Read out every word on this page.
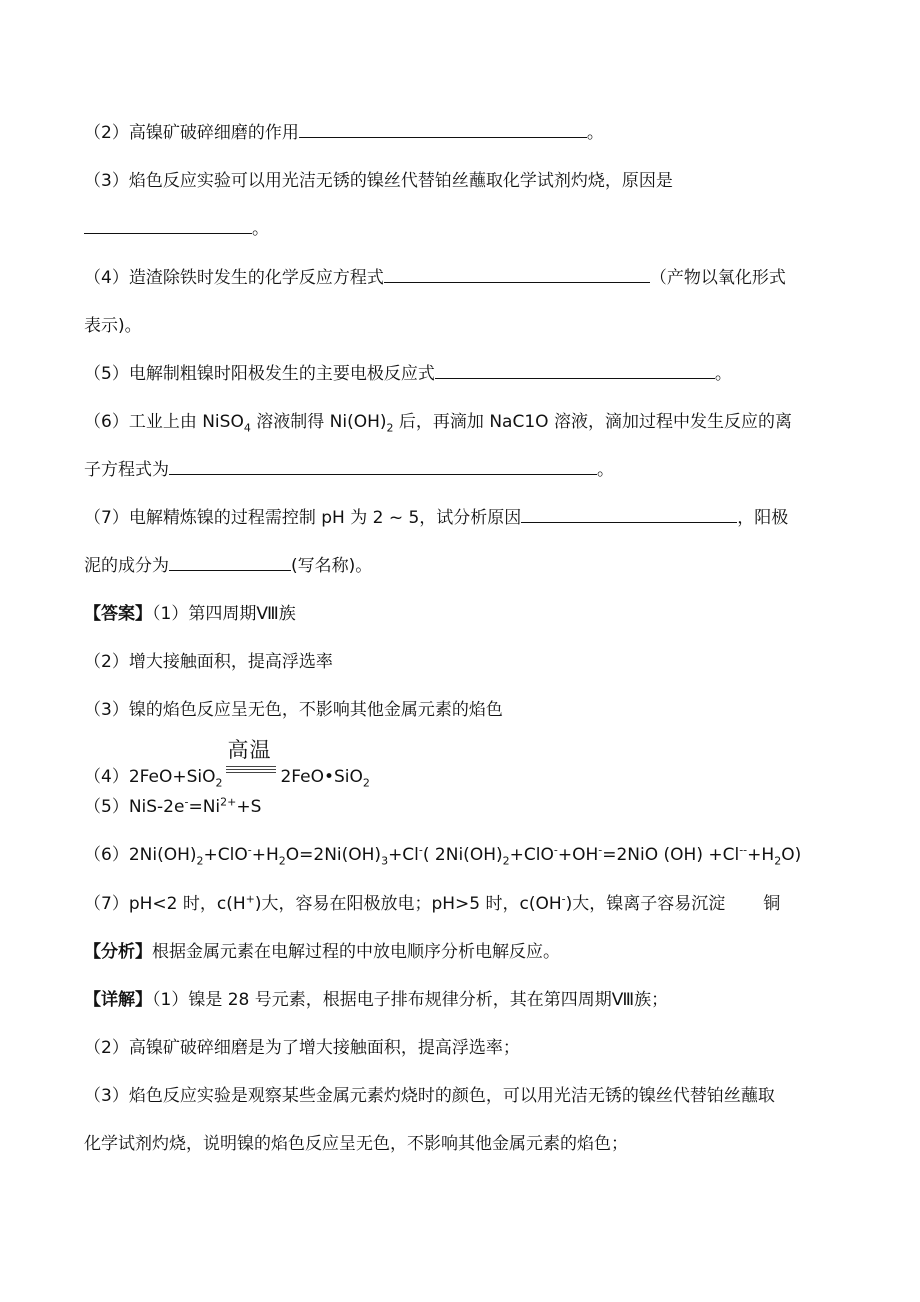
（2）高镍矿破碎细磨的作用	。
（3）焰色反应实验可以用光洁无锈的镍丝代替铂丝蘸取化学试剂灼烧，原因是
。
（4）造渣除铁时发生的化学反应方程式	（产物以氧化形式
表示)。
（5）电解制粗镍时阳极发生的主要电极反应式	。
（6）工业上由 NiSO$_4$ 溶液制得 $Ni(OH)_2$ 后，再滴加 NaC1O 溶液，滴加过程中发生反应的离
子方程式为	。
（7）电解精炼镍的过程需控制 pH 为 2 ~ 5，试分析原因	，阳极
泥的成分为	(写名称)。
【答案】（1）第四周期Ⅷ族
（2）增大接触面积，提高浮选率
（3）镍的焰色反应呈无色，不影响其他金属元素的焰色
（4）2FeO+SiO$_2$
高温
2FeO•SiO$_2$
$(5)NiS-2e^-=Ni^{2+}+S$
$(6)2Ni(OH)_2+ClO^-+H_2O=2Ni(OH)_3+Cl^-$( $2Ni(OH)_2+ClO^-+OH^-=2NiO$ $(OH) +Cl^{--}+H_2O$)
（7）pH<2 时，c(H+)大，容易在阳极放电；pH>5 时，c(OH-)大，镍离子容易沉淀 铜
【分析】根据金属元素在电解过程的中放电顺序分析电解反应。
【详解】（1）镍是 28 号元素，根据电子排布规律分析，其在第四周期Ⅷ族；
（2）高镍矿破碎细磨是为了增大接触面积，提高浮选率；
（3）焰色反应实验是观察某些金属元素灼烧时的颜色，可以用光洁无锈的镍丝代替铂丝蘸取
化学试剂灼烧，说明镍的焰色反应呈无色，不影响其他金属元素的焰色；
